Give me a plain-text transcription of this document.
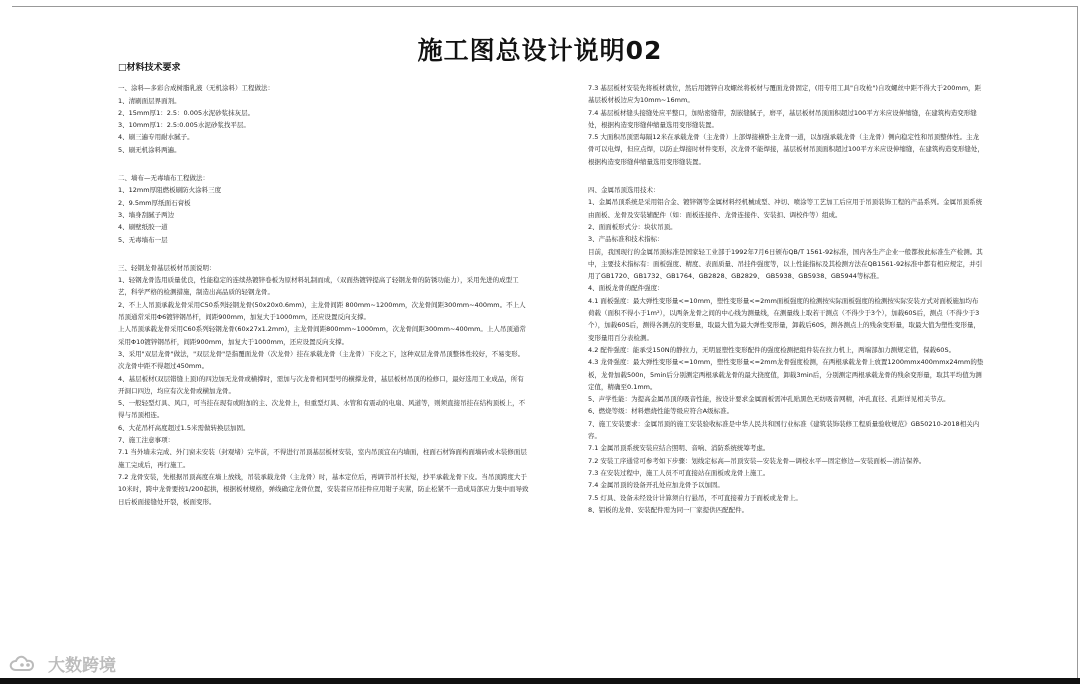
施工图总设计说明02
□材料技术要求

一、涂料—多彩合成树脂乳液（无机涂料）工程做法：

1、清刷面层界面剂。

2、15mm厚1：2.5：0.005水泥砂浆抹灰层。

3、10mm厚1：2.5:0.005水泥砂浆找平层。

4、刷三遍专用耐水腻子。

5、刷无机涂料两遍。

二、墙布—无毒墙布工程做法：

1、12mm厚阻燃板刷防火涂料三度

2、9.5mm厚纸面石膏板

3、墙身刮腻子两边

4、刷壁纸胶一道

5、无毒墙布一层

三、轻钢龙骨基层板材吊顶说明：

1、轻钢龙骨选用质量优良，性能稳定的连续热镀锌卷板为原材料轧制而成，（双面热镀锌提高了轻钢龙骨的防锈功能力），采用先进的成型工艺，科学严格的检测措施，制造出高品质的轻钢龙骨。

2、不上人吊顶承载龙骨采用C50系列轻钢龙骨(50x20x0.6mm)，主龙骨间距 800mm~1200mm，次龙骨间距300mm~400mm。不上人吊顶通常采用Φ6镀锌钢吊杆，间距900mm，加复大于1000mm，还应设置反向支撑。

上人吊顶承载龙骨采用C60系列轻钢龙骨(60x27x1.2mm)，主龙骨间距800mm~1000mm，次龙骨间距300mm~400mm。上人吊顶通常采用Φ10镀锌钢吊杆，间距900mm，加复大于1000mm，还应设置反向支撑。

3、采用"双层龙骨"做法，"双层龙骨"是指覆面龙骨（次龙骨）挂在承载龙骨（主龙骨）下皮之下，这种双层龙骨吊顶整体性较好，不易变形。次龙骨中距不得超过450mm。

4、基层板材(双层错缝上顶)的四边加无龙骨或横撑时，需加与次龙骨相同型号的横撑龙骨，基层板材吊顶的检修口，最好选用工业成品，所有开洞口四边，均应有次龙骨或横加龙骨。

5、一般轻型灯具、风口，可当挂在现有或附加的主、次龙骨上，但重型灯具、水管和有震动的电扇、风道等，则须直接吊挂在结构顶板上，不得与吊顶相连。

6、大花吊杆高度超过1.5米需做转换层加固。

7、施工注意事项：

7.1 当外墙未完成、外门窗未安装（封观堵）完毕前，不得进行吊顶基层板材安装，室内吊顶宜在内墙面，柱面石材饰面构面墙砖或木装修面层施工完成后，再行施工。

7.2 龙骨安装，先根据吊顶高度在墙上放线，吊装承载龙骨（主龙骨）时，基本定位后，再调节吊杆长短，抄平承载龙骨下皮。当吊顶跨度大于10米时，跨中龙骨要按1/200起拱，根据板材规格，弹线确定龙骨位置，安装者应吊挂件应用钳子夹紧，防止松紧不一造成局部应力集中而导致日后板面接缝处开裂，板面变形。

7.3 基层板材安装先将板材就位，然后用镀锌自攻螺丝将板材与覆面龙骨固定，(用专用工具"自攻枪")自攻螺丝中距不得大于200mm，距基层板材板边应为10mm~16mm。

7.4 基层板材缝头接缝处应平整口，加贴密缝带，刮嵌缝腻子，磨平，基层板材吊顶面积超过100平方米应设伸缩缝，在建筑构造变形缝处，根据构造变形缝伸缩量选用变形缝装置。

7.5 大面积吊顶需每隔12米在承载龙骨（主龙骨）上部焊接横卧主龙骨一道，以加强承载龙骨（主龙骨）侧向稳定性和吊顶整体性。主龙骨可以电焊，但应点焊，以防止焊接时材件变形，次龙骨不能焊接，基层板材吊顶面积超过100平方米应设伸缩缝，在建筑构造变形缝处，根据构造变形缝伸缩量选用变形缝装置。

四、金属吊顶选用技术：

1、金属吊顶系统是采用铝合金、镀锌钢等金属材料经机械成型、冲切、喷涂等工艺加工后应用于吊顶装饰工程的产品系列。金属吊顶系统由面板、龙骨及安装辅配件（如：面板连接件、龙骨连接件、安装扣、调校件等）组成。

2、面面板形式分：块状吊顶。

3、产品标准和技术指标：

目前，我国现行的金属吊顶标准是国家轻工业部于1992年7月6日颁布QB/T 1561-92标准，国内各生产企业一般都按此标准生产检测。其中，主要技术指标有：面板强度、精度、表面质量、吊挂件强度等，以上性能指标及其检测方法在QB1561-92标准中都有相应规定，并引用了GB1720、GB1732、GB1764、GB2828、GB2829、 GB5938、GB5938、GB5944等标准。

4、面板龙骨的配件强度：

4.1 面板强度：最大弹性变形量<=10mm，塑性变形量<=2mm面板强度的检测按实际面板强度的检测按实际安装方式对面板施加均布荷载（面积不得小于1m²），以两条龙骨之间的中心线为测量线，在测量线上取若干测点（不得少于3个），加载60S后，测点（不得少于3个），加载60S后，测得各测点的变形量，取最大值为最大弹性变形量，卸载后60S，测各测点上的残余变形量，取最大值为塑性变形量，变形量用百分表检测。

4.2 配件强度：能承受150N的静拉力，无明显塑性变形配件的强度检测把组件装在拉力机上，两端部加力测规定值，保载60S。

4.3 龙骨强度：最大弹性变形量<=10mm，塑性变形量<=2mm龙骨强度检测，在两根承载龙骨上放置1200mmx400mmx24mm的垫板，龙骨加载500n，5min后分别测定两根承载龙骨的最大挠度值，卸载3min后，分别测定两根承载龙骨的残余变形量，取其平均值为测定值，精确至0.1mm。

5、声学性能：为提高金属吊顶的吸音性能，按设计要求金属面板需冲孔贴黑色无纺吸音网精，冲孔直径、孔距详见相关节点。

6、燃烧等级：材料燃烧性能等级应符合A级标准。

7、施工安装要求：金属吊顶的施工安装验收标准是中华人民共和国行业标准《建筑装饰装修工程质量验收规范》GB50210-2018相关内容。

7.1 金属吊顶系统安装应结合照明、音响、消防系统统筹考虑。

7.2 安装工序通常可参考如下步骤：划线定标高—吊顶安装—安装龙骨—调校水平—固定修边—安装面板—清洁保养。

7.3 在安装过程中，施工人员不可直接站在面板或龙骨上施工。

7.4 金属吊顶的设备开孔处应加龙骨予以加固。

7.5 灯具、设备未经设计计算须自行悬吊，不可直接着力于面板或龙骨上。

8、铝板的龙骨、安装配件需为同一厂家提供匹配配件。

大数跨境
